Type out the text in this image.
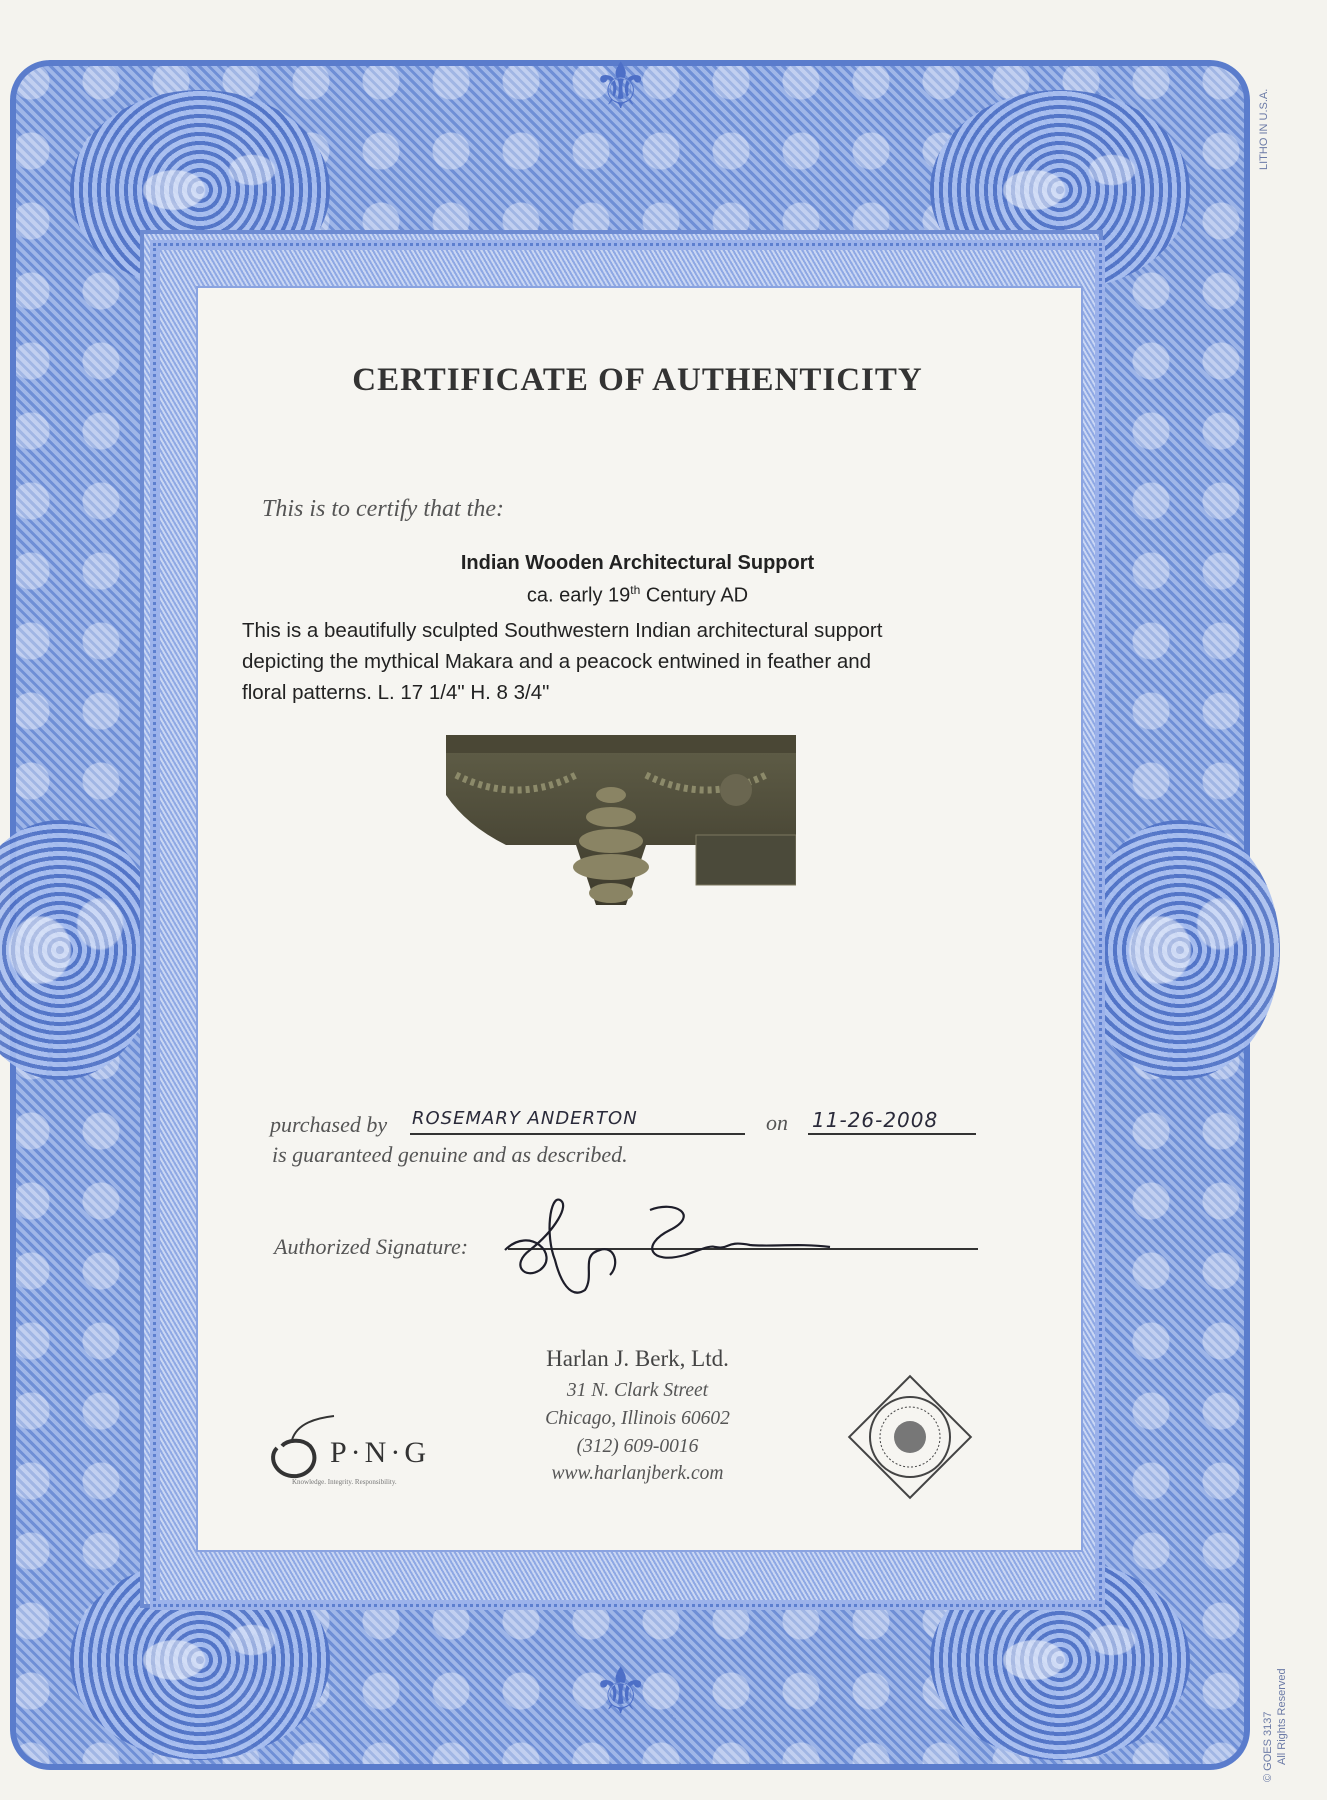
⚜
⚜
LITHO IN U.S.A.
© GOES 3137 All Rights Reserved
CERTIFICATE OF AUTHENTICITY
This is to certify that the:
Indian Wooden Architectural Support
ca. early 19th Century AD
This is a beautifully sculpted Southwestern Indian architectural support
depicting the mythical Makara and a peacock entwined in feather and
floral patterns. L. 17 1/4" H. 8 3/4"
purchased by ROSEMARY ANDERTON	on 11-26-2008
is guaranteed genuine and as described.
Authorized Signature:
Harlan J. Berk, Ltd.
31 N. Clark Street
Chicago, Illinois 60602
(312) 609-0016
www.harlanjberk.com
P·N·G
Knowledge. Integrity. Responsibility.
